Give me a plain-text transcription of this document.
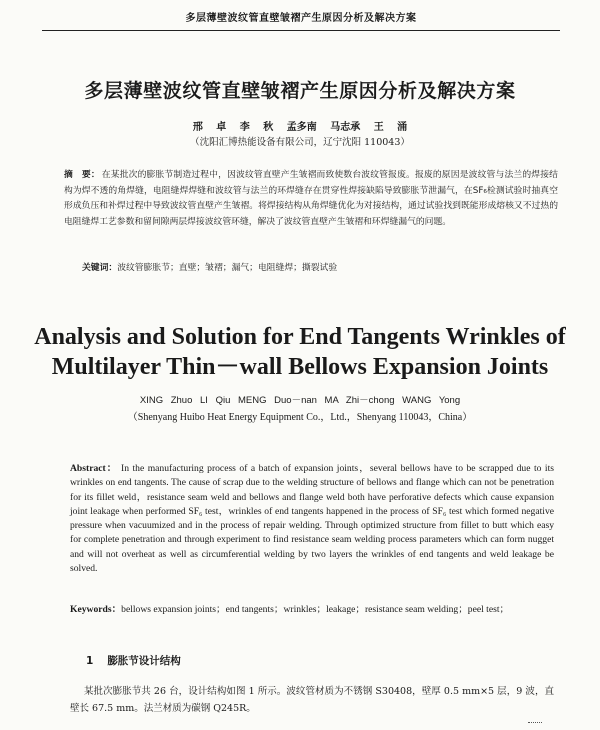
多层薄壁波纹管直壁皱褶产生原因分析及解决方案
多层薄壁波纹管直壁皱褶产生原因分析及解决方案
邢 卓 李 秋 孟多南 马志承 王 涌
（沈阳汇博热能设备有限公司，辽宁沈阳 110043）
摘　要： 在某批次的膨胀节制造过程中，因波纹管直壁产生皱褶而致使数台波纹管报废。报废的原因是波纹管与法兰的焊接结构为焊不透的角焊缝，电阻缝焊焊缝和波纹管与法兰的环焊缝存在贯穿性焊接缺陷导致膨胀节泄漏气，在SF₆检测试验时抽真空形成负压和补焊过程中导致波纹管直壁产生皱褶。将焊接结构从角焊缝优化为对接结构，通过试验找到既能形成熔核又不过热的电阻缝焊工艺参数和留间隙两层焊接波纹管环缝，解决了波纹管直壁产生皱褶和环焊缝漏气的问题。
关键词：波纹管膨胀节；直壁；皱褶；漏气；电阻缝焊；撕裂试验
Analysis and Solution for End Tangents Wrinkles of
Multilayer Thin－wall Bellows Expansion Joints
XING Zhuo LI Qiu MENG Duo－nan MA Zhi－chong WANG Yong
（Shenyang Huibo Heat Energy Equipment Co.，Ltd.，Shenyang 110043，China）
Abstract： In the manufacturing process of a batch of expansion joints，several bellows have to be scrapped due to its wrinkles on end tangents. The cause of scrap due to the welding structure of bellows and flange which can not be penetration for its fillet weld，resistance seam weld and bellows and flange weld both have perforative defects which cause expansion joint leakage when performed SF₆ test，wrinkles of end tangents happened in the process of SF₆ test which formed negative pressure when vacuumized and in the process of repair welding. Through optimized structure from fillet to butt which easy for complete penetration and through experiment to find resistance seam welding process parameters which can form nugget and will not overheat as well as circumferential welding by two layers the wrinkles of end tangents and weld leakage be solved.
Keywords：bellows expansion joints；end tangents；wrinkles；leakage；resistance seam welding；peel test；
1 膨胀节设计结构
某批次膨胀节共 26 台，设计结构如图 1 所示。波纹管材质为不锈钢 S30408，壁厚 0.5 mm×5 层，9 波，直壁长 67.5 mm。法兰材质为碳钢 Q245R。
